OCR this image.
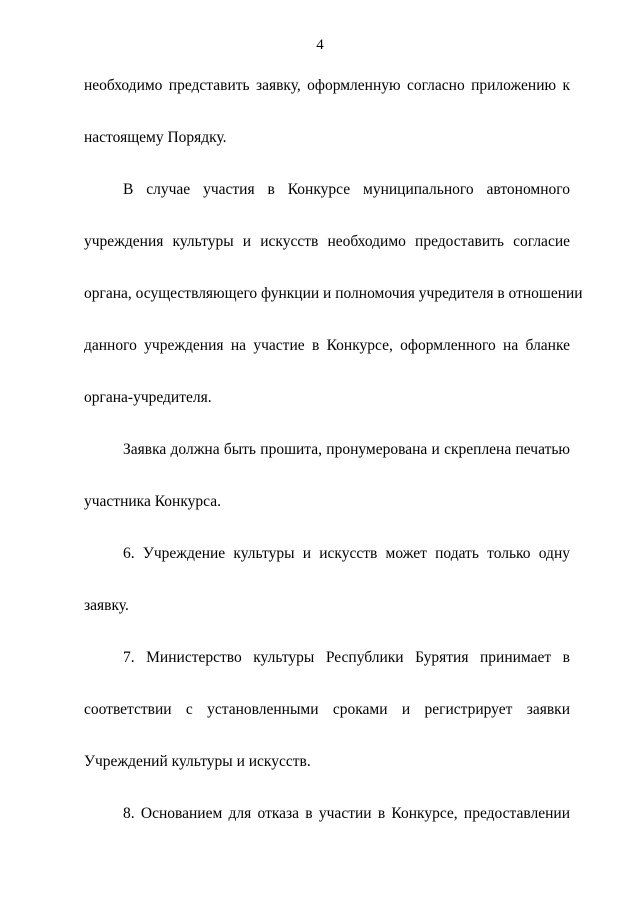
4
необходимо представить заявку, оформленную согласно приложению к
настоящему Порядку.
В случае участия в Конкурсе муниципального автономного
учреждения культуры и искусств необходимо предоставить согласие
органа, осуществляющего функции и полномочия учредителя в отношении
данного учреждения на участие в Конкурсе, оформленного на бланке
органа-учредителя.
Заявка должна быть прошита, пронумерована и скреплена печатью
участника Конкурса.
6. Учреждение культуры и искусств может подать только одну
заявку.
7. Министерство культуры Республики Бурятия принимает в
соответствии с установленными сроками и регистрирует заявки
Учреждений культуры и искусств.
8. Основанием для отказа в участии в Конкурсе, предоставлении
